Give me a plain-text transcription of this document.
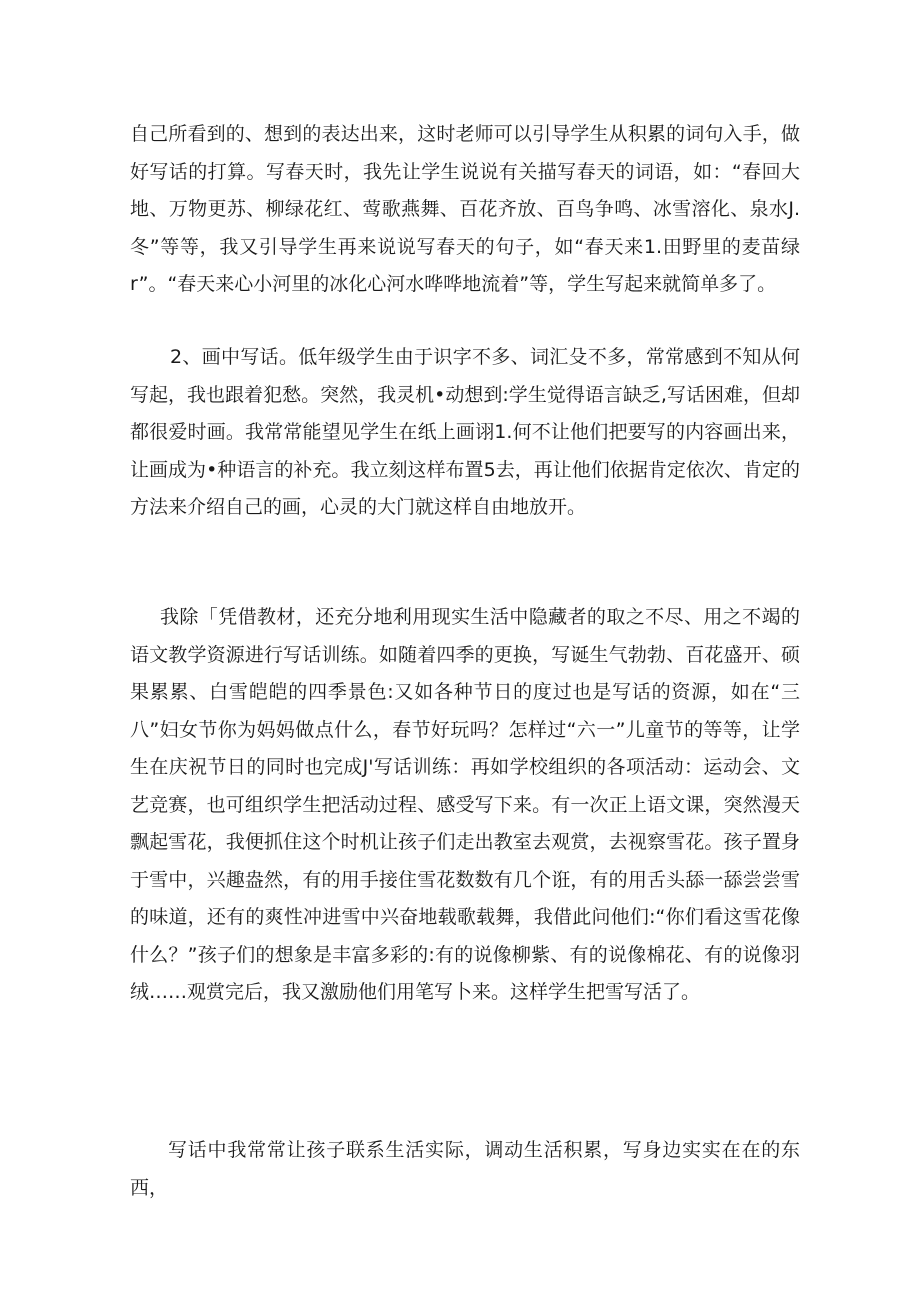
自己所看到的、想到的表达出来，这时老师可以引导学生从积累的词句入手，做好写话的打算。写春天时，我先让学生说说有关描写春天的词语，如：“春回大地、万物更苏、柳绿花红、莺歌燕舞、百花齐放、百鸟争鸣、冰雪溶化、泉水J.冬”等等，我又引导学生再来说说写春天的句子，如“春天来1.田野里的麦苗绿r”。“春天来心小河里的冰化心河水哗哗地流着”等，学生写起来就简单多了。

2、画中写话。低年级学生由于识字不多、词汇殳不多，常常感到不知从何写起，我也跟着犯愁。突然，我灵机•动想到:学生觉得语言缺乏,写话困难，但却都很爱时画。我常常能望见学生在纸上画诩1.何不让他们把要写的内容画出来，让画成为•种语言的补充。我立刻这样布置5去，再让他们依据肯定依次、肯定的方法来介绍自己的画，心灵的大门就这样自由地放开。

我除「凭借教材，还充分地利用现实生活中隐藏者的取之不尽、用之不竭的语文教学资源进行写话训练。如随着四季的更换，写诞生气勃勃、百花盛开、硕果累累、白雪皑皑的四季景色:又如各种节日的度过也是写话的资源，如在“三八”妇女节你为妈妈做点什么，春节好玩吗？怎样过“六一”儿童节的等等，让学生在庆祝节日的同时也完成J'写话训练：再如学校组织的各项活动：运动会、文艺竞赛，也可组织学生把活动过程、感受写下来。有一次正上语文课，突然漫天飘起雪花，我便抓住这个时机让孩子们走出教室去观赏，去视察雪花。孩子置身于雪中，兴趣盎然，有的用手接住雪花数数有几个诳，有的用舌头舔一舔尝尝雪的味道，还有的爽性冲进雪中兴奋地载歌载舞，我借此问他们:“你们看这雪花像什么？”孩子们的想象是丰富多彩的:有的说像柳紫、有的说像棉花、有的说像羽绒……观赏完后，我又激励他们用笔写卜来。这样学生把雪写活了。

写话中我常常让孩子联系生活实际，调动生活积累，写身边实实在在的东西，
